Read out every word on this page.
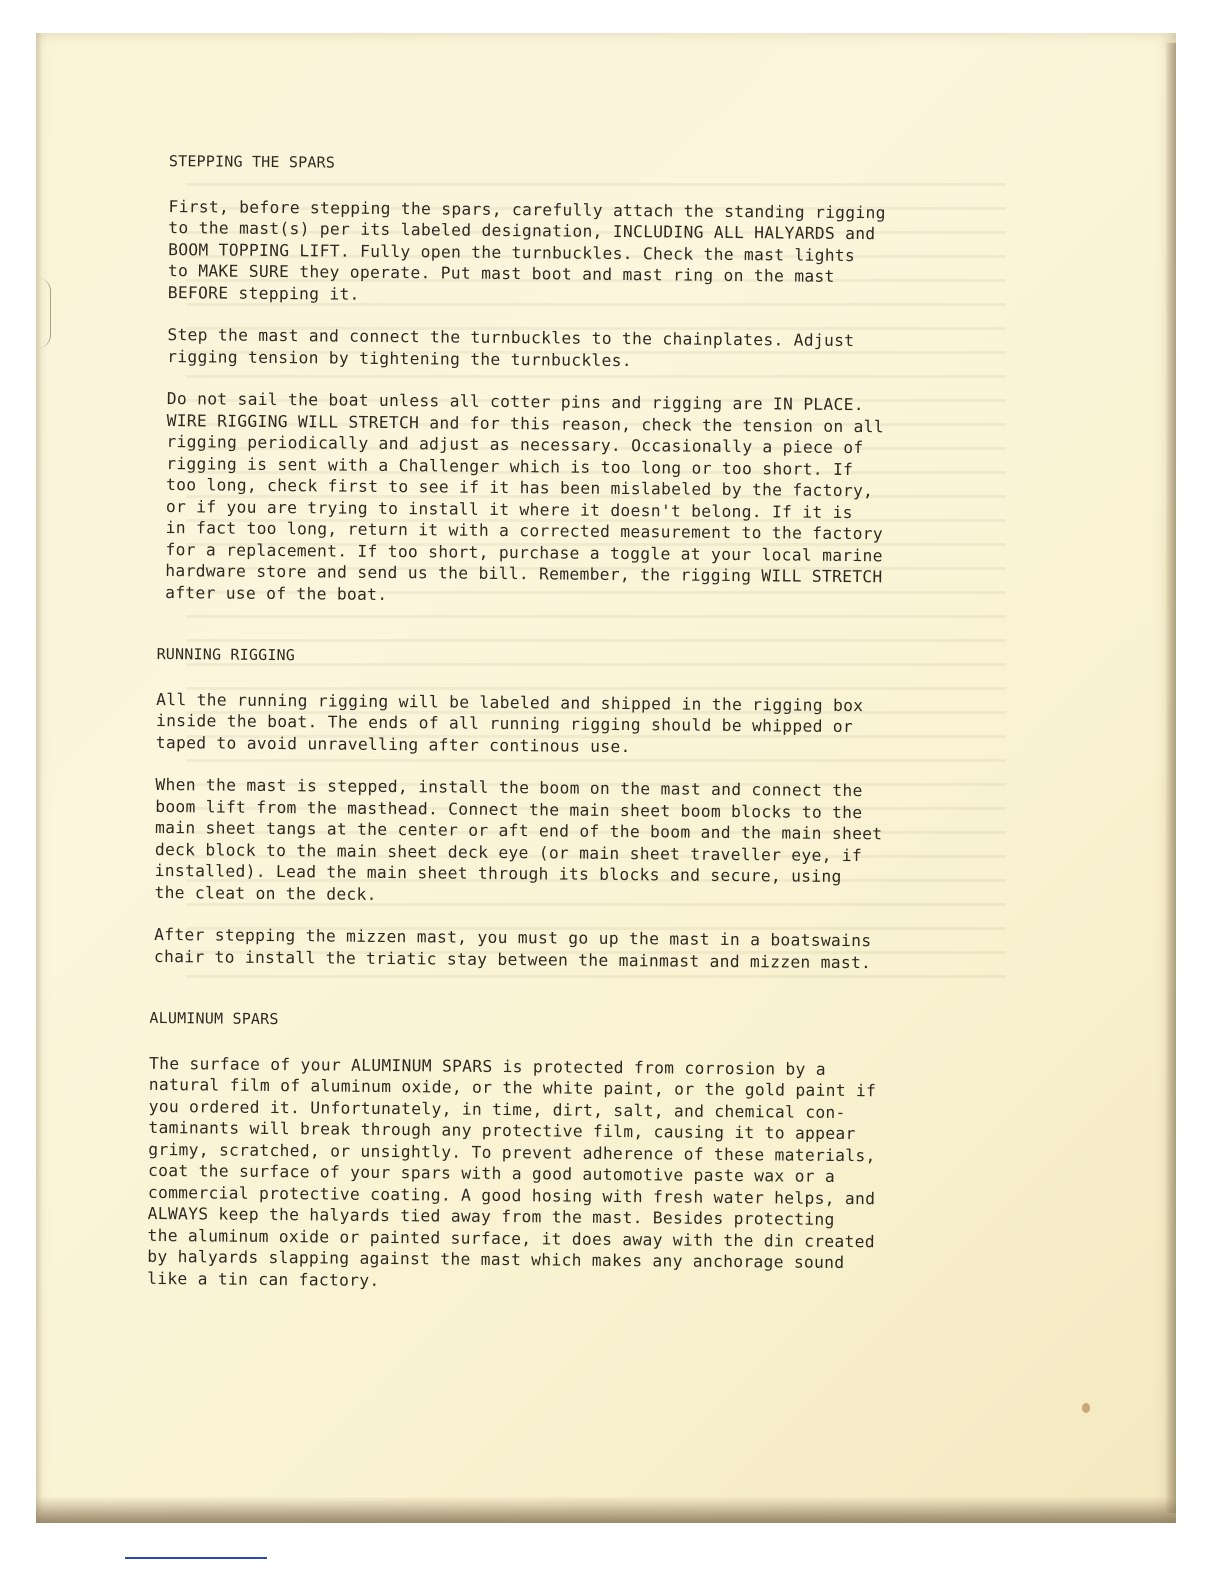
STEPPING THE SPARS
First, before stepping the spars, carefully attach the standing rigging
to the mast(s) per its labeled designation, INCLUDING ALL HALYARDS and
BOOM TOPPING LIFT. Fully open the turnbuckles. Check the mast lights
to MAKE SURE they operate. Put mast boot and mast ring on the mast
BEFORE stepping it.
Step the mast and connect the turnbuckles to the chainplates. Adjust
rigging tension by tightening the turnbuckles.
Do not sail the boat unless all cotter pins and rigging are IN PLACE.
WIRE RIGGING WILL STRETCH and for this reason, check the tension on all
rigging periodically and adjust as necessary. Occasionally a piece of
rigging is sent with a Challenger which is too long or too short. If
too long, check first to see if it has been mislabeled by the factory,
or if you are trying to install it where it doesn't belong. If it is
in fact too long, return it with a corrected measurement to the factory
for a replacement. If too short, purchase a toggle at your local marine
hardware store and send us the bill. Remember, the rigging WILL STRETCH
after use of the boat.
RUNNING RIGGING
All the running rigging will be labeled and shipped in the rigging box
inside the boat. The ends of all running rigging should be whipped or
taped to avoid unravelling after continous use.
When the mast is stepped, install the boom on the mast and connect the
boom lift from the masthead. Connect the main sheet boom blocks to the
main sheet tangs at the center or aft end of the boom and the main sheet
deck block to the main sheet deck eye (or main sheet traveller eye, if
installed). Lead the main sheet through its blocks and secure, using
the cleat on the deck.
After stepping the mizzen mast, you must go up the mast in a boatswains
chair to install the triatic stay between the mainmast and mizzen mast.
ALUMINUM SPARS
The surface of your ALUMINUM SPARS is protected from corrosion by a
natural film of aluminum oxide, or the white paint, or the gold paint if
you ordered it. Unfortunately, in time, dirt, salt, and chemical con-
taminants will break through any protective film, causing it to appear
grimy, scratched, or unsightly. To prevent adherence of these materials,
coat the surface of your spars with a good automotive paste wax or a
commercial protective coating. A good hosing with fresh water helps, and
ALWAYS keep the halyards tied away from the mast. Besides protecting
the aluminum oxide or painted surface, it does away with the din created
by halyards slapping against the mast which makes any anchorage sound
like a tin can factory.
